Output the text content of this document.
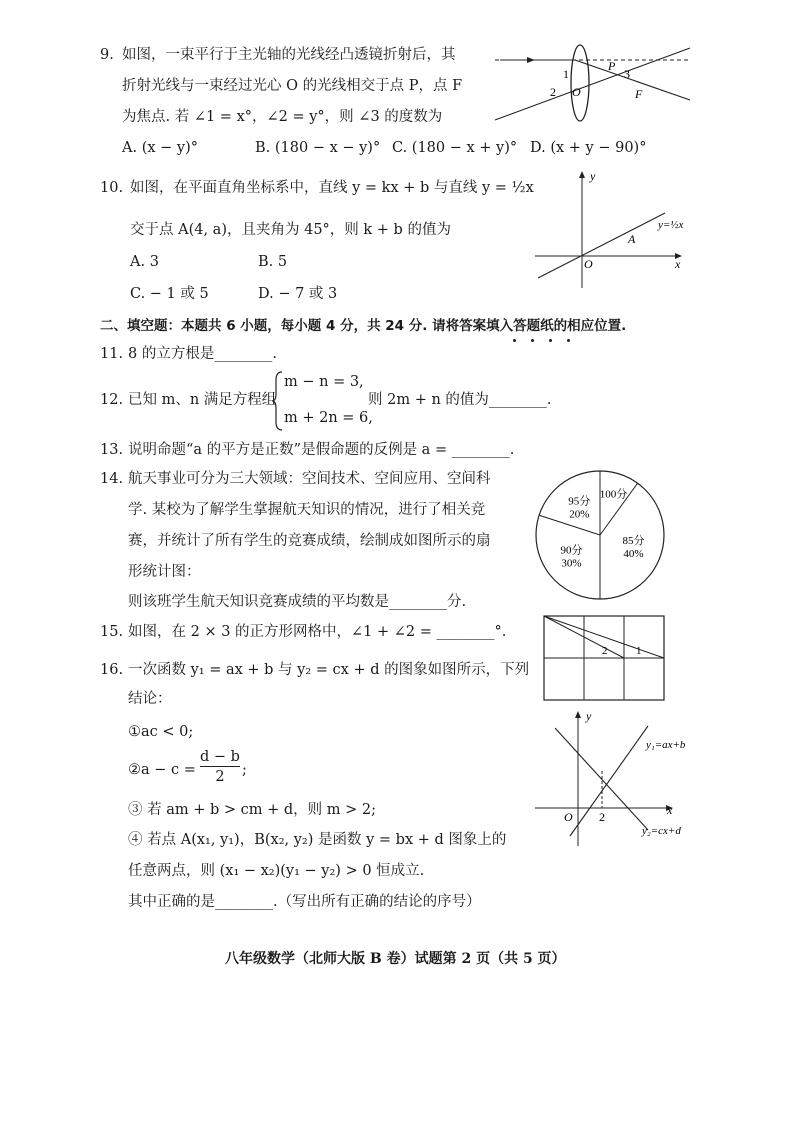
9. 如图，一束平行于主光轴的光线经凸透镜折射后，其
折射光线与一束经过光心 O 的光线相交于点 P，点 F
为焦点. 若 ∠1 = x°，∠2 = y°，则 ∠3 的度数为
A. (x − y)°	B. (180 − x − y)° C. (180 − x + y)° D. (x + y − 90)°
1
2
3
P
O	F
10. 如图，在平面直角坐标系中，直线 y = kx + b 与直线 y = ½x
交于点 A(4, a)，且夹角为 45°，则 k + b 的值为
A. 3	B. 5
C. − 1 或 5	D. − 7 或 3
y
x
O
A
y=½x
二、填空题：本题共 6 小题，每小题 4 分，共 24 分. 请将答案填入答题纸的相应位置.
11. 8 的立方根是________.
12. 已知 m、n 满足方程组
m − n = 3,
m + 2n = 6,
则 2m + n 的值为________.
13. 说明命题“a 的平方是正数”是假命题的反例是 a = ________.
14. 航天事业可分为三大领域：空间技术、空间应用、空间科
学. 某校为了解学生掌握航天知识的情况，进行了相关竞
赛，并统计了所有学生的竞赛成绩，绘制成如图所示的扇
形统计图：
则该班学生航天知识竞赛成绩的平均数是________分.
85分
40%
90分
30%
95分
20%
100分
15. 如图，在 2 × 3 的正方形网格中，∠1 + ∠2 = ________°.
2	1
16. 一次函数 y₁ = ax + b 与 y₂ = cx + d 的图象如图所示，下列
结论：
①ac < 0;
②a − c =
d − b
2	;
③ 若 am + b > cm + d，则 m > 2;
④ 若点 A(x₁, y₁)，B(x₂, y₂) 是函数 y = bx + d 图象上的
任意两点，则 (x₁ − x₂)(y₁ − y₂) > 0 恒成立.
其中正确的是________.（写出所有正确的结论的序号）
y
x
O 2
y₁=ax+b
y₂=cx+d
八年级数学（北师大版 B 卷）试题第 2 页（共 5 页）
